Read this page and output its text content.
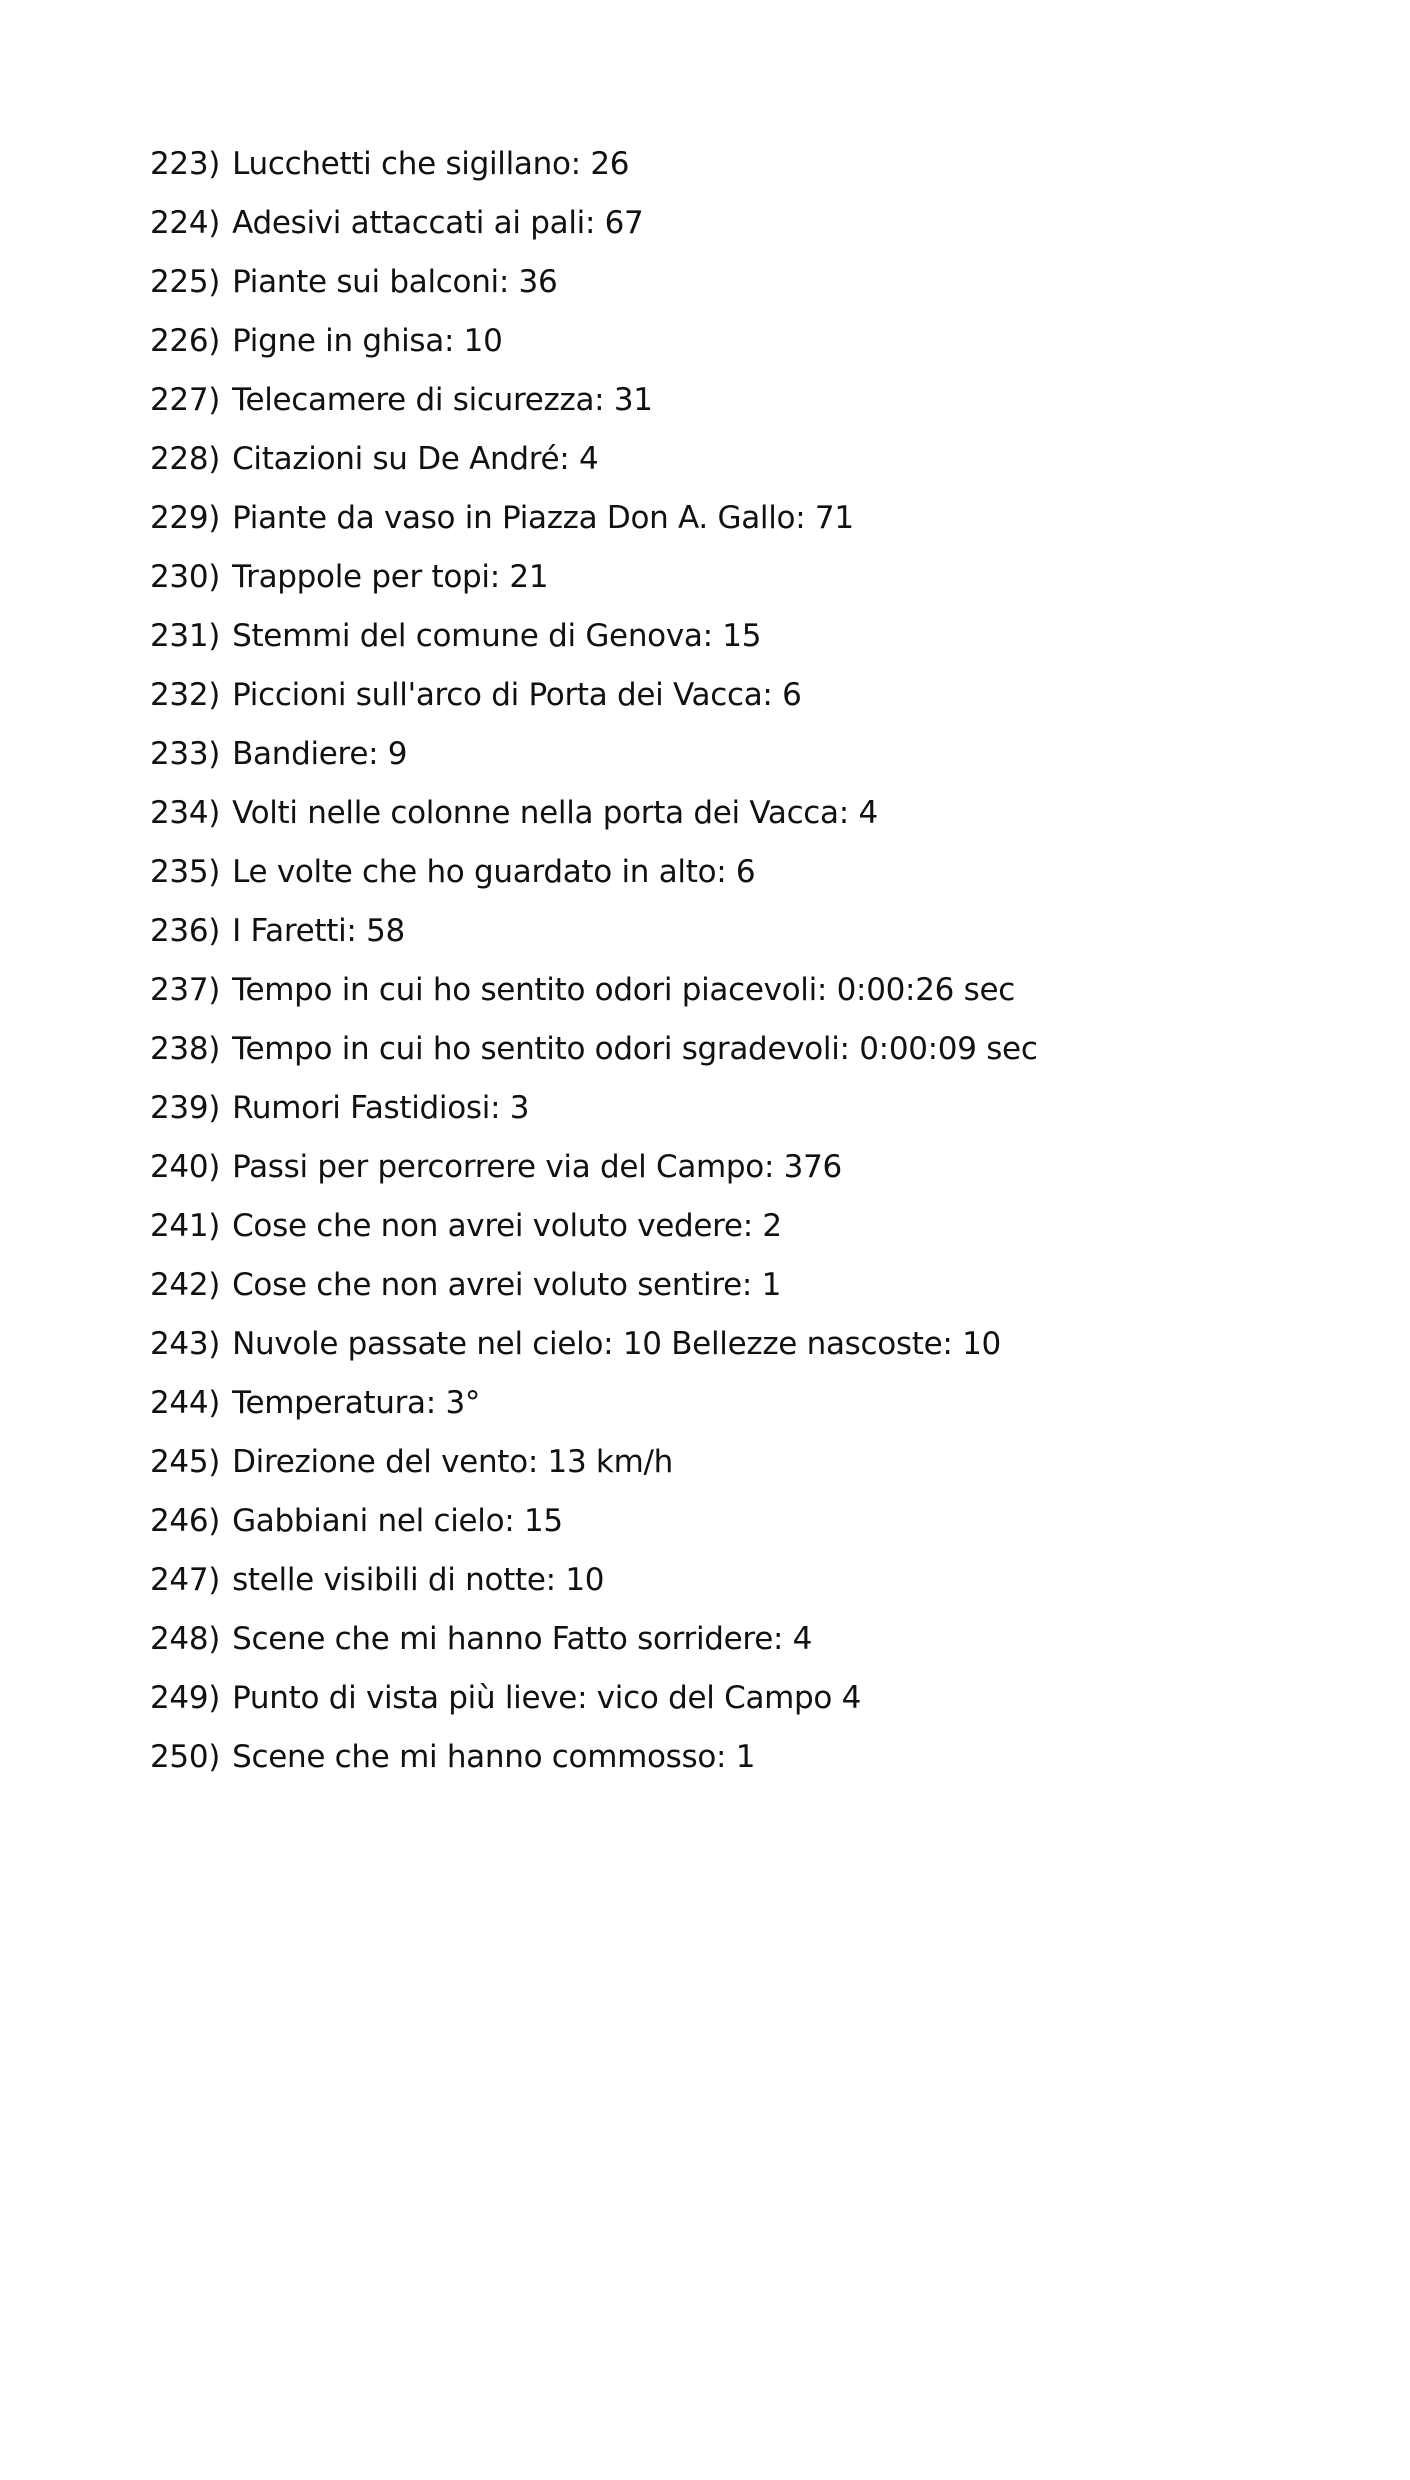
223) Lucchetti che sigillano: 26
224) Adesivi attaccati ai pali: 67
225) Piante sui balconi: 36
226) Pigne in ghisa: 10
227) Telecamere di sicurezza: 31
228) Citazioni su De André: 4
229) Piante da vaso in Piazza Don A. Gallo: 71
230) Trappole per topi: 21
231) Stemmi del comune di Genova: 15
232) Piccioni sull'arco di Porta dei Vacca: 6
233) Bandiere: 9
234) Volti nelle colonne nella porta dei Vacca: 4
235) Le volte che ho guardato in alto: 6
236) I Faretti: 58
237) Tempo in cui ho sentito odori piacevoli: 0:00:26 sec
238) Tempo in cui ho sentito odori sgradevoli: 0:00:09 sec
239) Rumori Fastidiosi: 3
240) Passi per percorrere via del Campo: 376
241) Cose che non avrei voluto vedere: 2
242) Cose che non avrei voluto sentire: 1
243) Nuvole passate nel cielo: 10 Bellezze nascoste: 10
244) Temperatura: 3°
245) Direzione del vento: 13 km/h
246) Gabbiani nel cielo: 15
247) stelle visibili di notte: 10
248) Scene che mi hanno Fatto sorridere: 4
249) Punto di vista più lieve: vico del Campo 4
250) Scene che mi hanno commosso: 1
